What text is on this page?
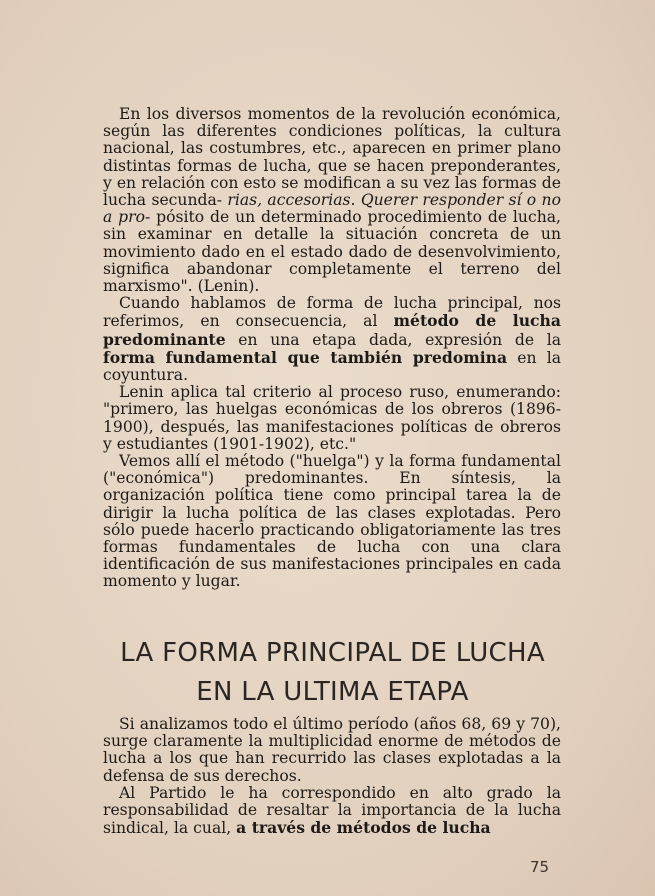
En los diversos momentos de la revolución económica, según las diferentes condiciones políticas, la cultura nacional, las costumbres, etc., aparecen en primer plano distintas formas de lucha, que se hacen preponderantes, y en relación con esto se modifican a su vez las formas de lucha secunda- rias, accesorias. Querer responder sí o no a pro- pósito de un determinado procedimiento de lucha, sin examinar en detalle la situación concreta de un movimiento dado en el estado dado de desenvolvimiento, significa abandonar completamente el terreno del marxismo". (Lenin).

Cuando hablamos de forma de lucha principal, nos referimos, en consecuencia, al método de lucha predominante en una etapa dada, expresión de la forma fundamental que también predomina en la coyuntura.

Lenin aplica tal criterio al proceso ruso, enumerando: "primero, las huelgas económicas de los obreros (1896-1900), después, las manifestaciones políticas de obreros y estudiantes (1901-1902), etc."

Vemos allí el método ("huelga") y la forma fundamental ("económica") predominantes. En síntesis, la organización política tiene como principal tarea la de dirigir la lucha política de las clases explotadas. Pero sólo puede hacerlo practicando obligatoriamente las tres formas fundamentales de lucha con una clara identificación de sus manifestaciones principales en cada momento y lugar.

LA FORMA PRINCIPAL DE LUCHA
EN LA ULTIMA ETAPA

Si analizamos todo el último período (años 68, 69 y 70), surge claramente la multiplicidad enorme de métodos de lucha a los que han recurrido las clases explotadas a la defensa de sus derechos.

Al Partido le ha correspondido en alto grado la responsabilidad de resaltar la importancia de la lucha sindical, la cual, a través de métodos de lucha

75
